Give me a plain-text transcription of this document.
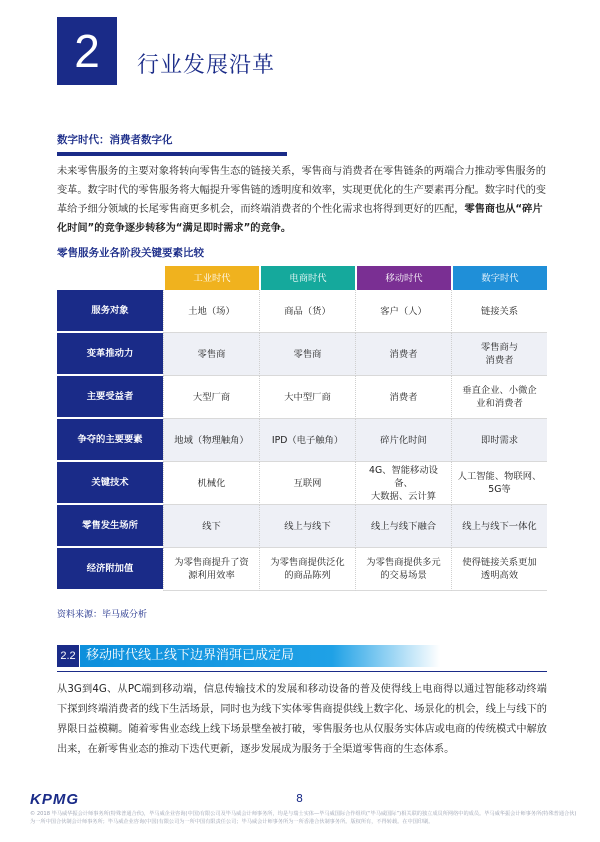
2 行业发展沿革
数字时代：消费者数字化
未来零售服务的主要对象将转向零售生态的链接关系，零售商与消费者在零售链条的两端合力推动零售服务的变革。数字时代的零售服务将大幅提升零售链的透明度和效率，实现更优化的生产要素再分配。数字时代的变革给予细分领域的长尾零售商更多机会，而终端消费者的个性化需求也将得到更好的匹配，零售商也从“碎片化时间”的竞争逐步转移为“满足即时需求”的竞争。
零售服务业各阶段关键要素比较
	工业时代	电商时代	移动时代	数字时代
服务对象	土地（场）	商品（货）	客户（人）	链接关系
变革推动力	零售商	零售商	消费者	零售商与
消费者
主要受益者	大型厂商	大中型厂商	消费者	垂直企业、小微企
业和消费者
争夺的主要要素	地域（物理触角）	IPD（电子触角）	碎片化时间	即时需求
关键技术	机械化	互联网	4G、智能移动设备、
大数据、云计算	人工智能、物联网、
5G等
零售发生场所	线下	线上与线下	线上与线下融合	线上与线下一体化
经济附加值	为零售商提升了资
源利用效率	为零售商提供泛化
的商品陈列	为零售商提供多元
的交易场景	使得链接关系更加
透明高效
资料来源：毕马威分析
2.2 移动时代线上线下边界消弭已成定局
从3G到4G、从PC端到移动端，信息传输技术的发展和移动设备的普及使得线上电商得以通过智能移动终端下探到终端消费者的线下生活场景，同时也为线下实体零售商提供线上数字化、场景化的机会，线上与线下的界限日益模糊。随着零售业态线上线下场景壁垒被打破，零售服务也从仅服务实体店或电商的传统模式中解放出来，在新零售业态的推动下迭代更新，逐步发展成为服务于全渠道零售商的生态体系。
KPMG	8
© 2018 毕马威华振会计师事务所(特殊普通合伙)，毕马威企业咨询(中国)有限公司及毕马威会计师事务所，均是与瑞士实体—毕马威国际合作组织(“毕马威国际”)相关联的独立成员所网络中的成员。毕马威华振会计师事务所(特殊普通合伙)为一所中国合伙制会计师事务所；毕马威企业咨询(中国)有限公司为一所中国有限责任公司；毕马威会计师事务所为一所香港合伙制事务所。版权所有，不得转载。在中国印刷。
